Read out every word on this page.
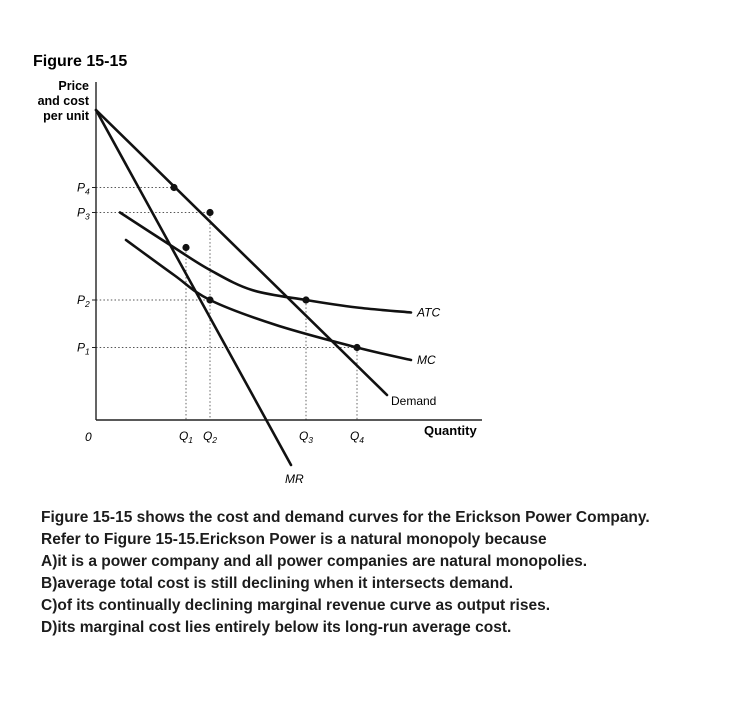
Figure 15-15
Price
and cost
per unit
0	Quantity
$P_1$
$P_2$
$P_3$
$P_4$
$Q_1$ $Q_2$	$Q_3$	$Q_4$
Demand
MR
ATC
MC

Figure 15-15 shows the cost and demand curves for the Erickson Power Company.

Refer to Figure 15-15.Erickson Power is a natural monopoly because

A)it is a power company and all power companies are natural monopolies.

B)average total cost is still declining when it intersects demand.

C)of its continually declining marginal revenue curve as output rises.

D)its marginal cost lies entirely below its long-run average cost.
